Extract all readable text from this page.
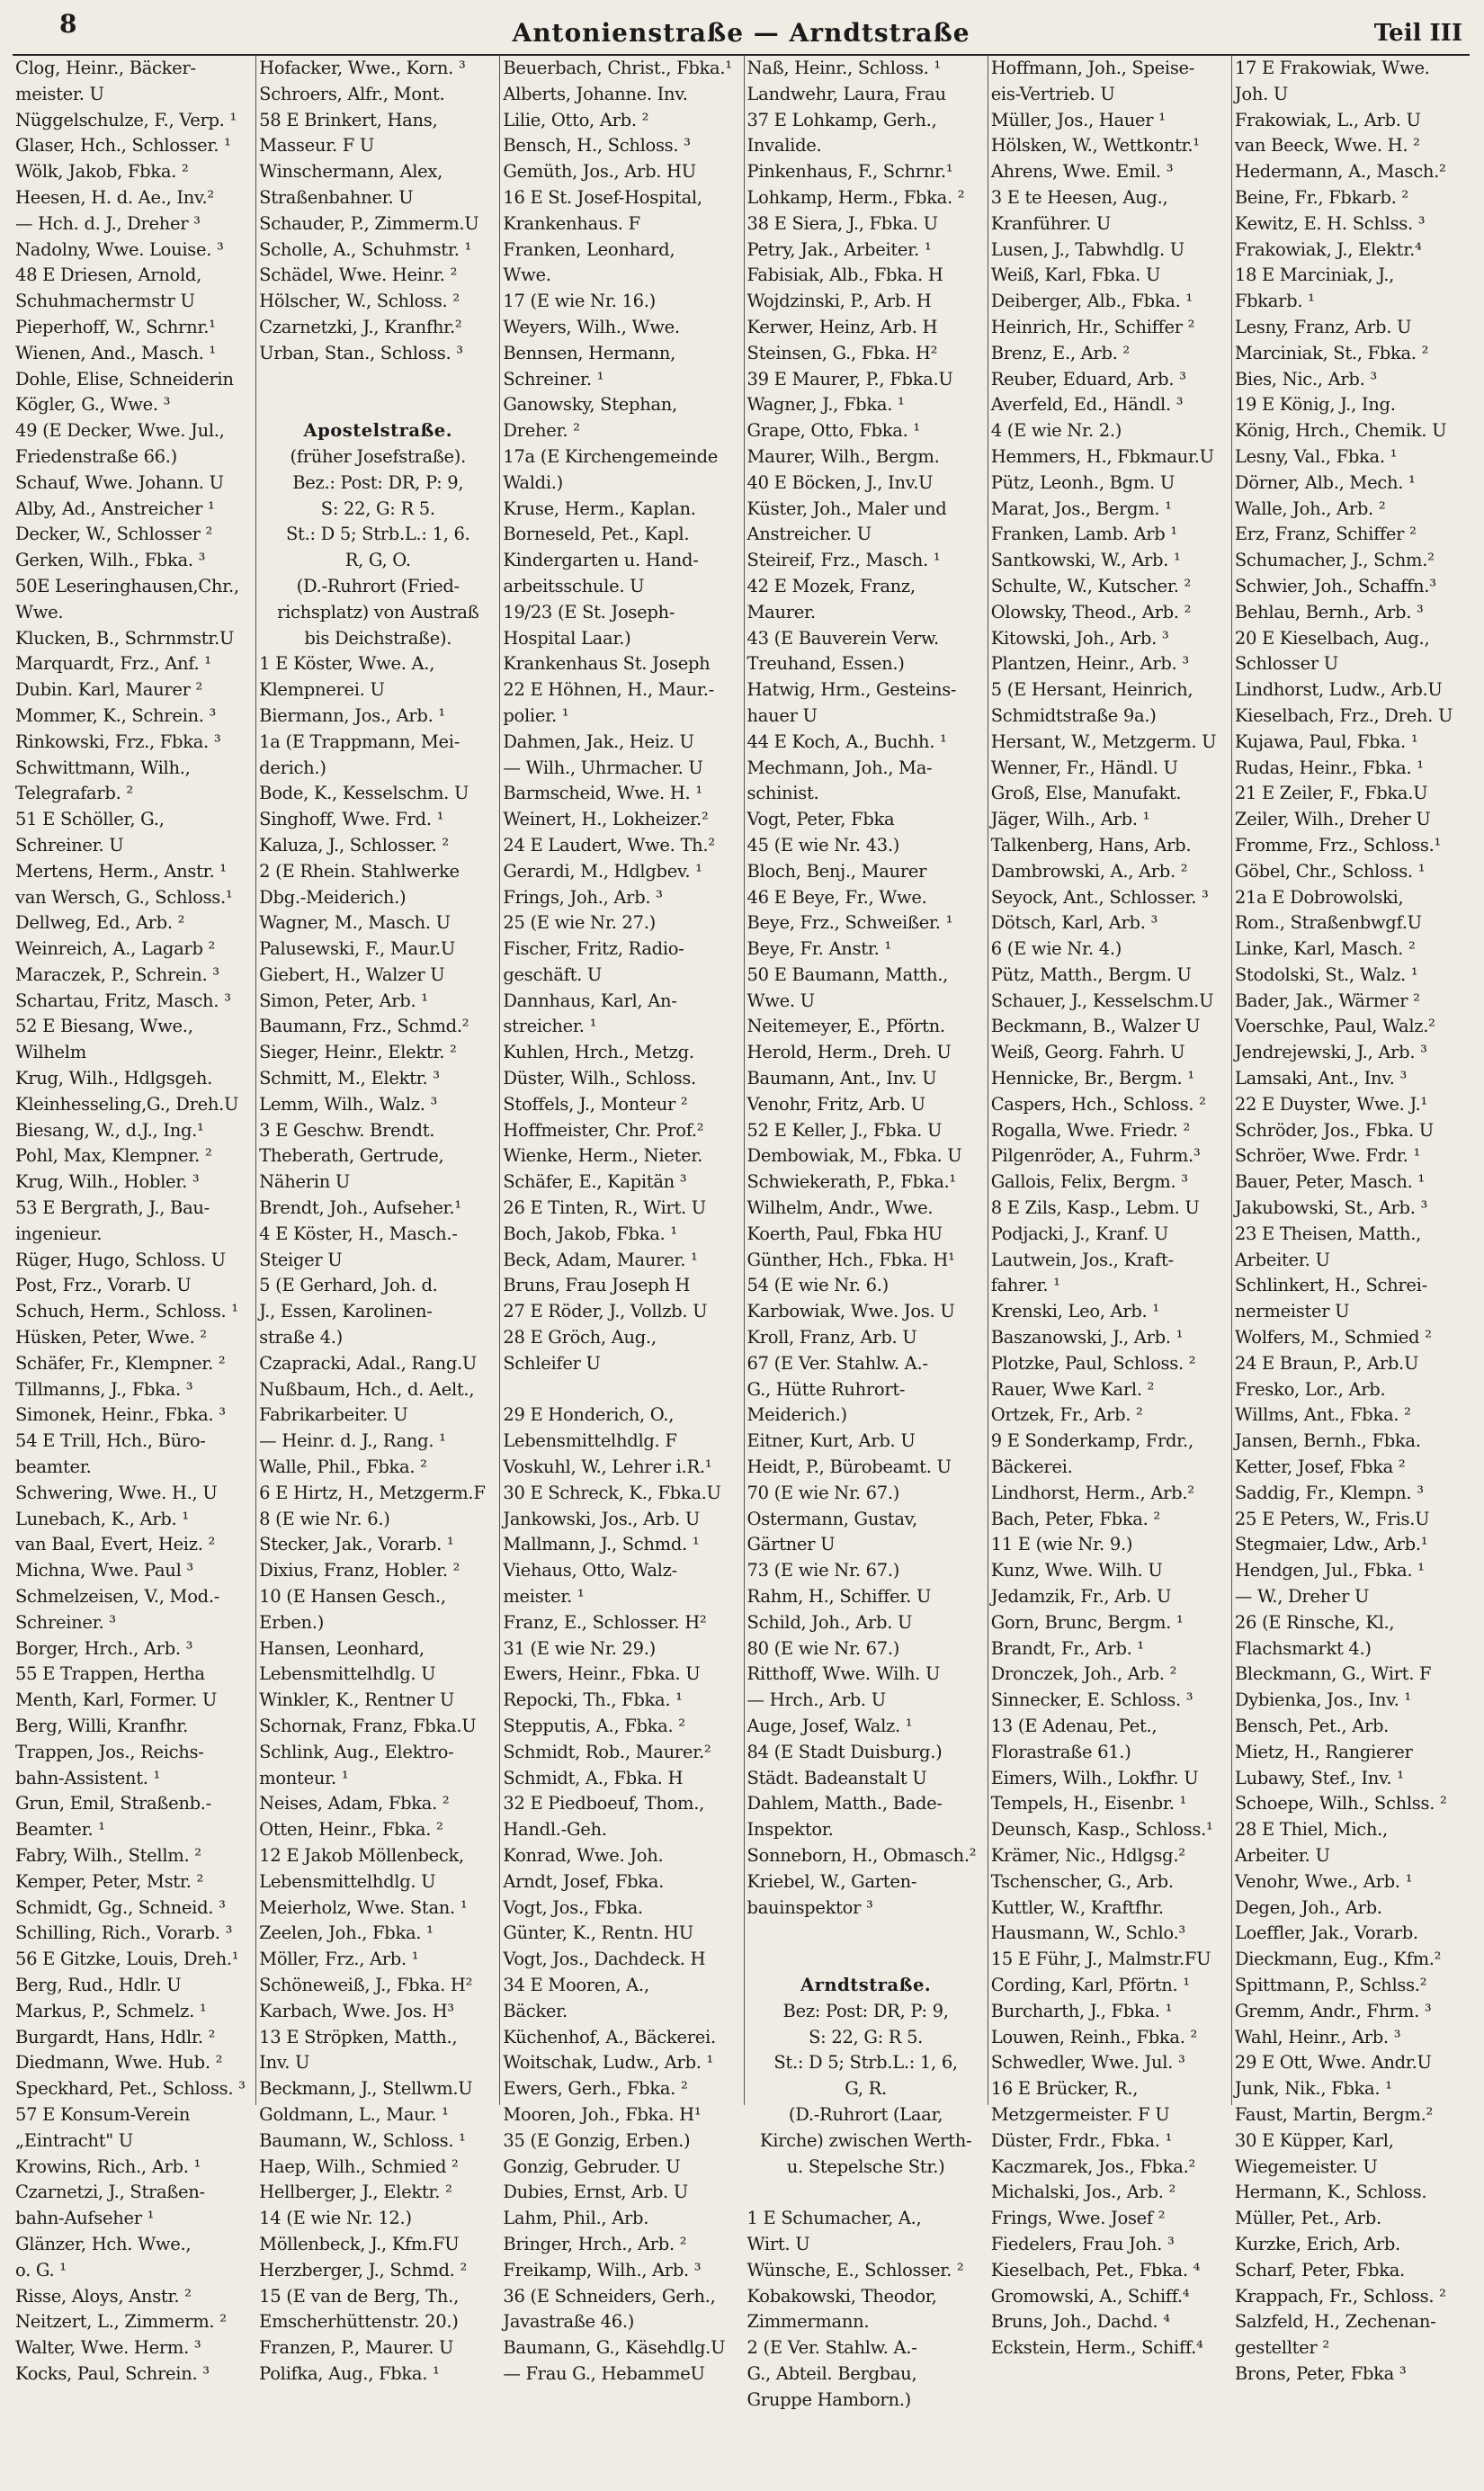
8	Antonienstraße — Arndtstraße	Teil III
Clog, Heinr., Bäcker-
meister. U
Nüggelschulze, F., Verp. ¹
Glaser, Hch., Schlosser. ¹
Wölk, Jakob, Fbka. ²
Heesen, H. d. Ae., Inv.²
— Hch. d. J., Dreher ³
Nadolny, Wwe. Louise. ³
48 E Driesen, Arnold,
Schuhmachermstr U
Pieperhoff, W., Schrnr.¹
Wienen, And., Masch. ¹
Dohle, Elise, Schneiderin
Kögler, G., Wwe. ³
49 (E Decker, Wwe. Jul.,
Friedenstraße 66.)
Schauf, Wwe. Johann. U
Alby, Ad., Anstreicher ¹
Decker, W., Schlosser ²
Gerken, Wilh., Fbka. ³
50E Leseringhausen,Chr.,
Wwe.
Klucken, B., Schrnmstr.U
Marquardt, Frz., Anf. ¹
Dubin. Karl, Maurer ²
Mommer, K., Schrein. ³
Rinkowski, Frz., Fbka. ³
Schwittmann, Wilh.,
Telegrafarb. ²
51 E Schöller, G.,
Schreiner. U
Mertens, Herm., Anstr. ¹
van Wersch, G., Schloss.¹
Dellweg, Ed., Arb. ²
Weinreich, A., Lagarb ²
Maraczek, P., Schrein. ³
Schartau, Fritz, Masch. ³
52 E Biesang, Wwe.,
Wilhelm
Krug, Wilh., Hdlgsgeh.
Kleinhesseling,G., Dreh.U
Biesang, W., d.J., Ing.¹
Pohl, Max, Klempner. ²
Krug, Wilh., Hobler. ³
53 E Bergrath, J., Bau-
ingenieur.
Rüger, Hugo, Schloss. U
Post, Frz., Vorarb. U
Schuch, Herm., Schloss. ¹
Hüsken, Peter, Wwe. ²
Schäfer, Fr., Klempner. ²
Tillmanns, J., Fbka. ³
Simonek, Heinr., Fbka. ³
54 E Trill, Hch., Büro-
beamter.
Schwering, Wwe. H., U
Lunebach, K., Arb. ¹
van Baal, Evert, Heiz. ²
Michna, Wwe. Paul ³
Schmelzeisen, V., Mod.-
Schreiner. ³
Borger, Hrch., Arb. ³
55 E Trappen, Hertha
Menth, Karl, Former. U
Berg, Willi, Kranfhr.
Trappen, Jos., Reichs-
bahn-Assistent. ¹
Grun, Emil, Straßenb.-
Beamter. ¹
Fabry, Wilh., Stellm. ²
Kemper, Peter, Mstr. ²
Schmidt, Gg., Schneid. ³
Schilling, Rich., Vorarb. ³
56 E Gitzke, Louis, Dreh.¹
Berg, Rud., Hdlr. U
Markus, P., Schmelz. ¹
Burgardt, Hans, Hdlr. ²
Diedmann, Wwe. Hub. ²
Speckhard, Pet., Schloss. ³
57 E Konsum-Verein
„Eintracht" U
Krowins, Rich., Arb. ¹
Czarnetzi, J., Straßen-
bahn-Aufseher ¹
Glänzer, Hch. Wwe.,
o. G. ¹
Risse, Aloys, Anstr. ²
Neitzert, L., Zimmerm. ²
Walter, Wwe. Herm. ³
Kocks, Paul, Schrein. ³
Hofacker, Wwe., Korn. ³
Schroers, Alfr., Mont.
58 E Brinkert, Hans,
Masseur. F U
Winschermann, Alex,
Straßenbahner. U
Schauder, P., Zimmerm.U
Scholle, A., Schuhmstr. ¹
Schädel, Wwe. Heinr. ²
Hölscher, W., Schloss. ²
Czarnetzki, J., Kranfhr.²
Urban, Stan., Schloss. ³

Apostelstraße.
(früher Josefstraße).
Bez.: Post: DR, P: 9,
S: 22, G: R 5.
St.: D 5; Strb.L.: 1, 6.
R, G, O.
(D.-Ruhrort (Fried-
richsplatz) von Austraß
bis Deichstraße).
1 E Köster, Wwe. A.,
Klempnerei. U
Biermann, Jos., Arb. ¹
1a (E Trappmann, Mei-
derich.)
Bode, K., Kesselschm. U
Singhoff, Wwe. Frd. ¹
Kaluza, J., Schlosser. ²
2 (E Rhein. Stahlwerke
Dbg.-Meiderich.)
Wagner, M., Masch. U
Palusewski, F., Maur.U
Giebert, H., Walzer U
Simon, Peter, Arb. ¹
Baumann, Frz., Schmd.²
Sieger, Heinr., Elektr. ²
Schmitt, M., Elektr. ³
Lemm, Wilh., Walz. ³
3 E Geschw. Brendt.
Theberath, Gertrude,
Näherin U
Brendt, Joh., Aufseher.¹
4 E Köster, H., Masch.-
Steiger U
5 (E Gerhard, Joh. d.
J., Essen, Karolinen-
straße 4.)
Czapracki, Adal., Rang.U
Nußbaum, Hch., d. Aelt.,
Fabrikarbeiter. U
— Heinr. d. J., Rang. ¹
Walle, Phil., Fbka. ²
6 E Hirtz, H., Metzgerm.F
8 (E wie Nr. 6.)
Stecker, Jak., Vorarb. ¹
Dixius, Franz, Hobler. ²
10 (E Hansen Gesch.,
Erben.)
Hansen, Leonhard,
Lebensmittelhdlg. U
Winkler, K., Rentner U
Schornak, Franz, Fbka.U
Schlink, Aug., Elektro-
monteur. ¹
Neises, Adam, Fbka. ²
Otten, Heinr., Fbka. ²
12 E Jakob Möllenbeck,
Lebensmittelhdlg. U
Meierholz, Wwe. Stan. ¹
Zeelen, Joh., Fbka. ¹
Möller, Frz., Arb. ¹
Schöneweiß, J., Fbka. H²
Karbach, Wwe. Jos. H³
13 E Ströpken, Matth.,
Inv. U
Beckmann, J., Stellwm.U
Goldmann, L., Maur. ¹
Baumann, W., Schloss. ¹
Haep, Wilh., Schmied ²
Hellberger, J., Elektr. ²
14 (E wie Nr. 12.)
Möllenbeck, J., Kfm.FU
Herzberger, J., Schmd. ²
15 (E van de Berg, Th.,
Emscherhüttenstr. 20.)
Franzen, P., Maurer. U
Polifka, Aug., Fbka. ¹
Beuerbach, Christ., Fbka.¹
Alberts, Johanne. Inv.
Lilie, Otto, Arb. ²
Bensch, H., Schloss. ³
Gemüth, Jos., Arb. HU
16 E St. Josef-Hospital,
Krankenhaus. F
Franken, Leonhard,
Wwe.
17 (E wie Nr. 16.)
Weyers, Wilh., Wwe.
Bennsen, Hermann,
Schreiner. ¹
Ganowsky, Stephan,
Dreher. ²
17a (E Kirchengemeinde
Waldi.)
Kruse, Herm., Kaplan.
Borneseld, Pet., Kapl.
Kindergarten u. Hand-
arbeitsschule. U
19/23 (E St. Joseph-
Hospital Laar.)
Krankenhaus St. Joseph
22 E Höhnen, H., Maur.-
polier. ¹
Dahmen, Jak., Heiz. U
— Wilh., Uhrmacher. U
Barmscheid, Wwe. H. ¹
Weinert, H., Lokheizer.²
24 E Laudert, Wwe. Th.²
Gerardi, M., Hdlgbev. ¹
Frings, Joh., Arb. ³
25 (E wie Nr. 27.)
Fischer, Fritz, Radio-
geschäft. U
Dannhaus, Karl, An-
streicher. ¹
Kuhlen, Hrch., Metzg.
Düster, Wilh., Schloss.
Stoffels, J., Monteur ²
Hoffmeister, Chr. Prof.²
Wienke, Herm., Nieter.
Schäfer, E., Kapitän ³
26 E Tinten, R., Wirt. U
Boch, Jakob, Fbka. ¹
Beck, Adam, Maurer. ¹
Bruns, Frau Joseph H
27 E Röder, J., Vollzb. U
28 E Gröch, Aug.,
Schleifer U

29 E Honderich, O.,
Lebensmittelhdlg. F
Voskuhl, W., Lehrer i.R.¹
30 E Schreck, K., Fbka.U
Jankowski, Jos., Arb. U
Mallmann, J., Schmd. ¹
Viehaus, Otto, Walz-
meister. ¹
Franz, E., Schlosser. H²
31 (E wie Nr. 29.)
Ewers, Heinr., Fbka. U
Repocki, Th., Fbka. ¹
Stepputis, A., Fbka. ²
Schmidt, Rob., Maurer.²
Schmidt, A., Fbka. H
32 E Piedboeuf, Thom.,
Handl.-Geh.
Konrad, Wwe. Joh.
Arndt, Josef, Fbka.
Vogt, Jos., Fbka.
Günter, K., Rentn. HU
Vogt, Jos., Dachdeck. H
34 E Mooren, A.,
Bäcker.
Küchenhof, A., Bäckerei.
Woitschak, Ludw., Arb. ¹
Ewers, Gerh., Fbka. ²
Mooren, Joh., Fbka. H¹
35 (E Gonzig, Erben.)
Gonzig, Gebruder. U
Dubies, Ernst, Arb. U
Lahm, Phil., Arb.
Bringer, Hrch., Arb. ²
Freikamp, Wilh., Arb. ³
36 (E Schneiders, Gerh.,
Javastraße 46.)
Baumann, G., Käsehdlg.U
— Frau G., HebammeU
Naß, Heinr., Schloss. ¹
Landwehr, Laura, Frau
37 E Lohkamp, Gerh.,
Invalide.
Pinkenhaus, F., Schrnr.¹
Lohkamp, Herm., Fbka. ²
38 E Siera, J., Fbka. U
Petry, Jak., Arbeiter. ¹
Fabisiak, Alb., Fbka. H
Wojdzinski, P., Arb. H
Kerwer, Heinz, Arb. H
Steinsen, G., Fbka. H²
39 E Maurer, P., Fbka.U
Wagner, J., Fbka. ¹
Grape, Otto, Fbka. ¹
Maurer, Wilh., Bergm.
40 E Böcken, J., Inv.U
Küster, Joh., Maler und
Anstreicher. U
Steireif, Frz., Masch. ¹
42 E Mozek, Franz,
Maurer.
43 (E Bauverein Verw.
Treuhand, Essen.)
Hatwig, Hrm., Gesteins-
hauer U
44 E Koch, A., Buchh. ¹
Mechmann, Joh., Ma-
schinist.
Vogt, Peter, Fbka
45 (E wie Nr. 43.)
Bloch, Benj., Maurer
46 E Beye, Fr., Wwe.
Beye, Frz., Schweißer. ¹
Beye, Fr. Anstr. ¹
50 E Baumann, Matth.,
Wwe. U
Neitemeyer, E., Pförtn.
Herold, Herm., Dreh. U
Baumann, Ant., Inv. U
Venohr, Fritz, Arb. U
52 E Keller, J., Fbka. U
Dembowiak, M., Fbka. U
Schwiekerath, P., Fbka.¹
Wilhelm, Andr., Wwe.
Koerth, Paul, Fbka HU
Günther, Hch., Fbka. H¹
54 (E wie Nr. 6.)
Karbowiak, Wwe. Jos. U
Kroll, Franz, Arb. U
67 (E Ver. Stahlw. A.-
G., Hütte Ruhrort-
Meiderich.)
Eitner, Kurt, Arb. U
Heidt, P., Bürobeamt. U
70 (E wie Nr. 67.)
Ostermann, Gustav,
Gärtner U
73 (E wie Nr. 67.)
Rahm, H., Schiffer. U
Schild, Joh., Arb. U
80 (E wie Nr. 67.)
Ritthoff, Wwe. Wilh. U
— Hrch., Arb. U
Auge, Josef, Walz. ¹
84 (E Stadt Duisburg.)
Städt. Badeanstalt U
Dahlem, Matth., Bade-
Inspektor.
Sonneborn, H., Obmasch.²
Kriebel, W., Garten-
bauinspektor ³

Arndtstraße.
Bez: Post: DR, P: 9,
S: 22, G: R 5.
St.: D 5; Strb.L.: 1, 6,
G, R.
(D.-Ruhrort (Laar,
Kirche) zwischen Werth-
u. Stepelsche Str.)

1 E Schumacher, A.,
Wirt. U
Wünsche, E., Schlosser. ²
Kobakowski, Theodor,
Zimmermann.
2 (E Ver. Stahlw. A.-
G., Abteil. Bergbau,
Gruppe Hamborn.)

Hoffmann, Joh., Speise-
eis-Vertrieb. U
Müller, Jos., Hauer ¹
Hölsken, W., Wettkontr.¹
Ahrens, Wwe. Emil. ³
3 E te Heesen, Aug.,
Kranführer. U
Lusen, J., Tabwhdlg. U
Weiß, Karl, Fbka. U
Deiberger, Alb., Fbka. ¹
Heinrich, Hr., Schiffer ²
Brenz, E., Arb. ²
Reuber, Eduard, Arb. ³
Averfeld, Ed., Händl. ³
4 (E wie Nr. 2.)
Hemmers, H., Fbkmaur.U
Pütz, Leonh., Bgm. U
Marat, Jos., Bergm. ¹
Franken, Lamb. Arb ¹
Santkowski, W., Arb. ¹
Schulte, W., Kutscher. ²
Olowsky, Theod., Arb. ²
Kitowski, Joh., Arb. ³
Plantzen, Heinr., Arb. ³
5 (E Hersant, Heinrich,
Schmidtstraße 9a.)
Hersant, W., Metzgerm. U
Wenner, Fr., Händl. U
Groß, Else, Manufakt.
Jäger, Wilh., Arb. ¹
Talkenberg, Hans, Arb.
Dambrowski, A., Arb. ²
Seyock, Ant., Schlosser. ³
Dötsch, Karl, Arb. ³
6 (E wie Nr. 4.)
Pütz, Matth., Bergm. U
Schauer, J., Kesselschm.U
Beckmann, B., Walzer U
Weiß, Georg. Fahrh. U
Hennicke, Br., Bergm. ¹
Caspers, Hch., Schloss. ²
Rogalla, Wwe. Friedr. ²
Pilgenröder, A., Fuhrm.³
Gallois, Felix, Bergm. ³
8 E Zils, Kasp., Lebm. U
Podjacki, J., Kranf. U
Lautwein, Jos., Kraft-
fahrer. ¹
Krenski, Leo, Arb. ¹
Baszanowski, J., Arb. ¹
Plotzke, Paul, Schloss. ²
Rauer, Wwe Karl. ²
Ortzek, Fr., Arb. ²
9 E Sonderkamp, Frdr.,
Bäckerei.
Lindhorst, Herm., Arb.²
Bach, Peter, Fbka. ²
11 E (wie Nr. 9.)
Kunz, Wwe. Wilh. U
Jedamzik, Fr., Arb. U
Gorn, Brunc, Bergm. ¹
Brandt, Fr., Arb. ¹
Dronczek, Joh., Arb. ²
Sinnecker, E. Schloss. ³
13 (E Adenau, Pet.,
Florastraße 61.)
Eimers, Wilh., Lokfhr. U
Tempels, H., Eisenbr. ¹
Deunsch, Kasp., Schloss.¹
Krämer, Nic., Hdlgsg.²
Tschenscher, G., Arb.
Kuttler, W., Kraftfhr.
Hausmann, W., Schlo.³
15 E Führ, J., Malmstr.FU
Cording, Karl, Pförtn. ¹
Burcharth, J., Fbka. ¹
Louwen, Reinh., Fbka. ²
Schwedler, Wwe. Jul. ³
16 E Brücker, R.,
Metzgermeister. F U
Düster, Frdr., Fbka. ¹
Kaczmarek, Jos., Fbka.²
Michalski, Jos., Arb. ²
Frings, Wwe. Josef ²
Fiedelers, Frau Joh. ³
Kieselbach, Pet., Fbka. ⁴
Gromowski, A., Schiff.⁴
Bruns, Joh., Dachd. ⁴
Eckstein, Herm., Schiff.⁴
17 E Frakowiak, Wwe.
Joh. U
Frakowiak, L., Arb. U
van Beeck, Wwe. H. ²
Hedermann, A., Masch.²
Beine, Fr., Fbkarb. ²
Kewitz, E. H. Schlss. ³
Frakowiak, J., Elektr.⁴
18 E Marciniak, J.,
Fbkarb. ¹
Lesny, Franz, Arb. U
Marciniak, St., Fbka. ²
Bies, Nic., Arb. ³
19 E König, J., Ing.
König, Hrch., Chemik. U
Lesny, Val., Fbka. ¹
Dörner, Alb., Mech. ¹
Walle, Joh., Arb. ²
Erz, Franz, Schiffer ²
Schumacher, J., Schm.²
Schwier, Joh., Schaffn.³
Behlau, Bernh., Arb. ³
20 E Kieselbach, Aug.,
Schlosser U
Lindhorst, Ludw., Arb.U
Kieselbach, Frz., Dreh. U
Kujawa, Paul, Fbka. ¹
Rudas, Heinr., Fbka. ¹
21 E Zeiler, F., Fbka.U
Zeiler, Wilh., Dreher U
Fromme, Frz., Schloss.¹
Göbel, Chr., Schloss. ¹
21a E Dobrowolski,
Rom., Straßenbwgf.U
Linke, Karl, Masch. ²
Stodolski, St., Walz. ¹
Bader, Jak., Wärmer ²
Voerschke, Paul, Walz.²
Jendrejewski, J., Arb. ³
Lamsaki, Ant., Inv. ³
22 E Duyster, Wwe. J.¹
Schröder, Jos., Fbka. U
Schröer, Wwe. Frdr. ¹
Bauer, Peter, Masch. ¹
Jakubowski, St., Arb. ³
23 E Theisen, Matth.,
Arbeiter. U
Schlinkert, H., Schrei-
nermeister U
Wolfers, M., Schmied ²
24 E Braun, P., Arb.U
Fresko, Lor., Arb.
Willms, Ant., Fbka. ²
Jansen, Bernh., Fbka.
Ketter, Josef, Fbka ²
Saddig, Fr., Klempn. ³
25 E Peters, W., Fris.U
Stegmaier, Ldw., Arb.¹
Hendgen, Jul., Fbka. ¹
— W., Dreher U
26 (E Rinsche, Kl.,
Flachsmarkt 4.)
Bleckmann, G., Wirt. F
Dybienka, Jos., Inv. ¹
Bensch, Pet., Arb.
Mietz, H., Rangierer
Lubawy, Stef., Inv. ¹
Schoepe, Wilh., Schlss. ²
28 E Thiel, Mich.,
Arbeiter. U
Venohr, Wwe., Arb. ¹
Degen, Joh., Arb.
Loeffler, Jak., Vorarb.
Dieckmann, Eug., Kfm.²
Spittmann, P., Schlss.²
Gremm, Andr., Fhrm. ³
Wahl, Heinr., Arb. ³
29 E Ott, Wwe. Andr.U
Junk, Nik., Fbka. ¹
Faust, Martin, Bergm.²
30 E Küpper, Karl,
Wiegemeister. U
Hermann, K., Schloss.
Müller, Pet., Arb.
Kurzke, Erich, Arb.
Scharf, Peter, Fbka.
Krappach, Fr., Schloss. ²
Salzfeld, H., Zechenan-
gestellter ²
Brons, Peter, Fbka ³
